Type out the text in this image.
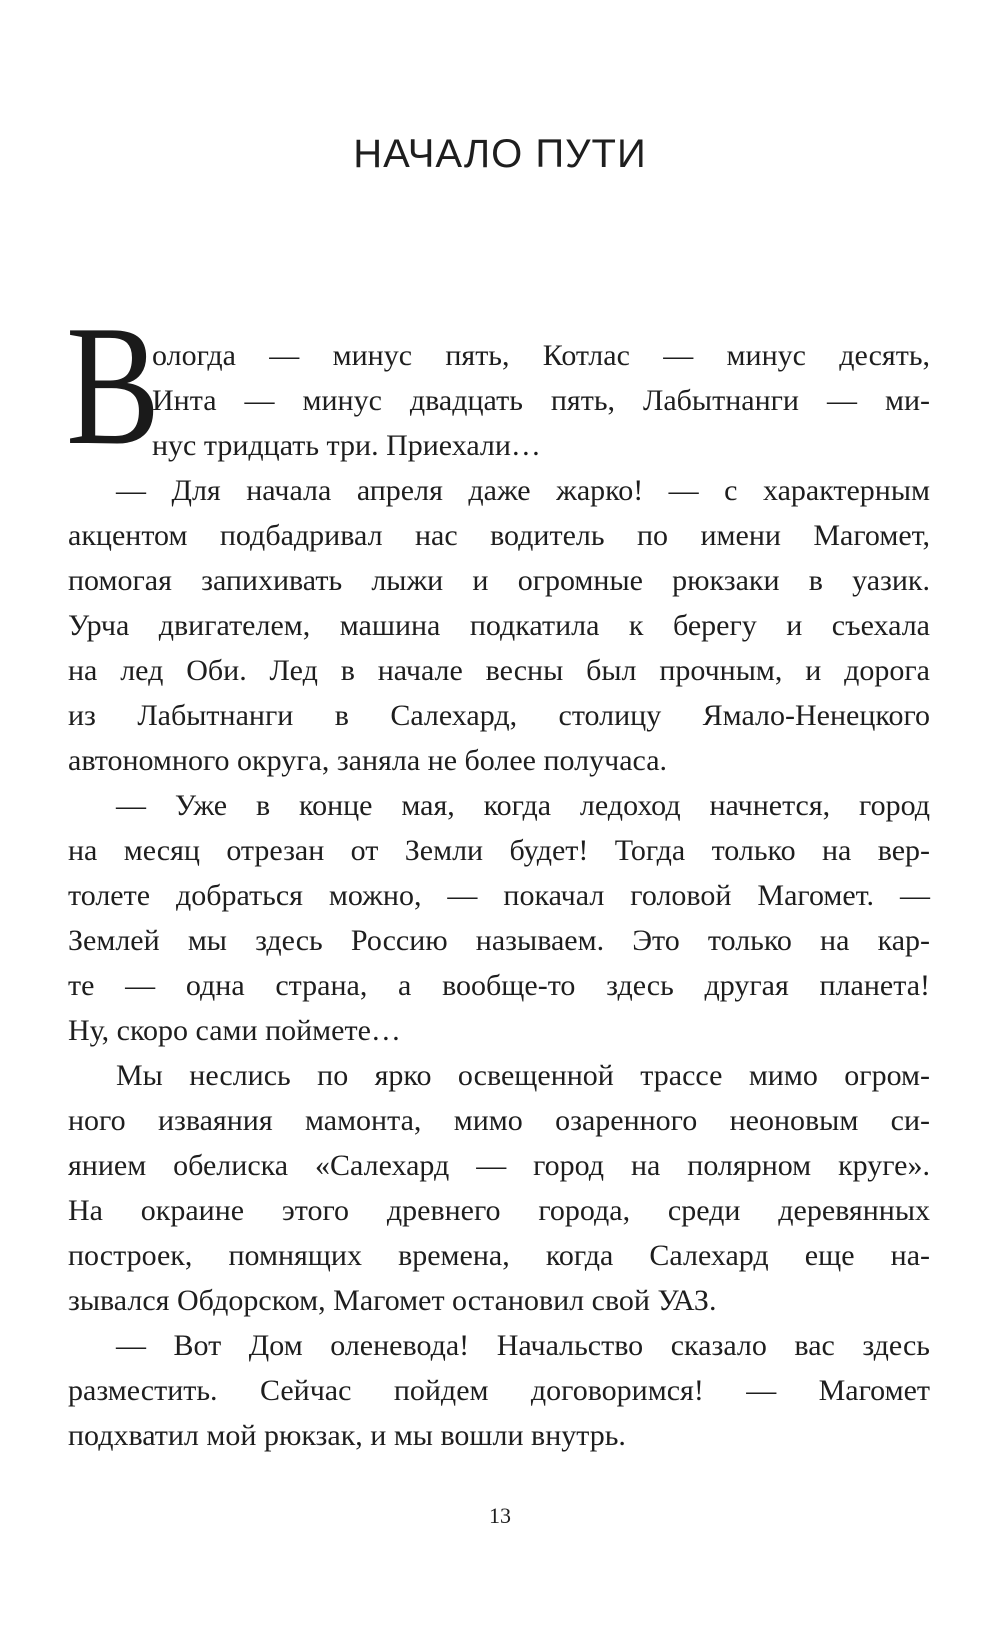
НАЧАЛО ПУТИ
В
ологда — минус пять, Котлас — минус десять,
Инта — минус двадцать пять, Лабытнанги — ми-
нус тридцать три. Приехали…
— Для начала апреля даже жарко! — с характерным
акцентом подбадривал нас водитель по имени Магомет,
помогая запихивать лыжи и огромные рюкзаки в уазик.
Урча двигателем, машина подкатила к берегу и съехала
на лед Оби. Лед в начале весны был прочным, и дорога
из Лабытнанги в Салехард, столицу Ямало-Ненецкого
автономного округа, заняла не более получаса.
— Уже в конце мая, когда ледоход начнется, город
на месяц отрезан от Земли будет! Тогда только на вер-
толете добраться можно, — покачал головой Магомет. —
Землей мы здесь Россию называем. Это только на кар-
те — одна страна, а вообще-то здесь другая планета!
Ну, скоро сами поймете…
Мы неслись по ярко освещенной трассе мимо огром-
ного изваяния мамонта, мимо озаренного неоновым си-
янием обелиска «Салехард — город на полярном круге».
На окраине этого древнего города, среди деревянных
построек, помнящих времена, когда Салехард еще на-
зывался Обдорском, Магомет остановил свой УАЗ.
— Вот Дом оленевода! Начальство сказало вас здесь
разместить. Сейчас пойдем договоримся! — Магомет
подхватил мой рюкзак, и мы вошли внутрь.
13
